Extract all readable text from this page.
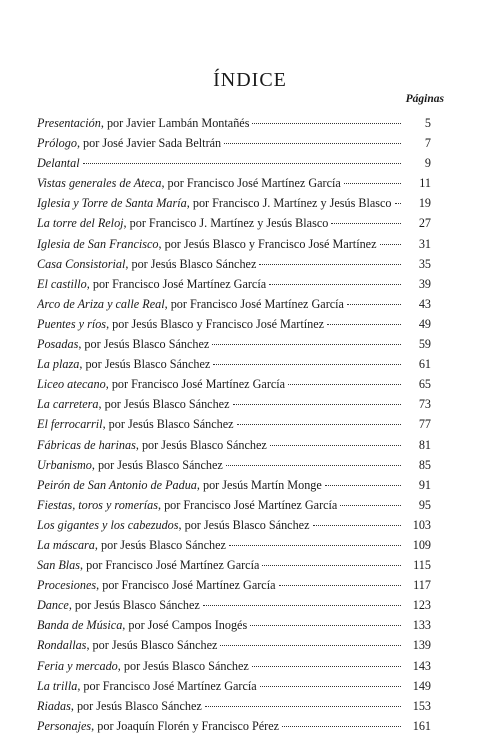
ÍNDICE
Páginas
Presentación, por Javier Lambán Montañés	5
Prólogo, por José Javier Sada Beltrán	7
Delantal	9
Vistas generales de Ateca, por Francisco José Martínez García	11
Iglesia y Torre de Santa María, por Francisco J. Martínez y Jesús Blasco	19
La torre del Reloj, por Francisco J. Martínez y Jesús Blasco	27
Iglesia de San Francisco, por Jesús Blasco y Francisco José Martínez	31
Casa Consistorial, por Jesús Blasco Sánchez	35
El castillo, por Francisco José Martínez García	39
Arco de Ariza y calle Real, por Francisco José Martínez García	43
Puentes y ríos, por Jesús Blasco y Francisco José Martínez	49
Posadas, por Jesús Blasco Sánchez	59
La plaza, por Jesús Blasco Sánchez	61
Liceo atecano, por Francisco José Martínez García	65
La carretera, por Jesús Blasco Sánchez	73
El ferrocarril, por Jesús Blasco Sánchez	77
Fábricas de harinas, por Jesús Blasco Sánchez	81
Urbanismo, por Jesús Blasco Sánchez	85
Peirón de San Antonio de Padua, por Jesús Martín Monge	91
Fiestas, toros y romerías, por Francisco José Martínez García	95
Los gigantes y los cabezudos, por Jesús Blasco Sánchez	103
La máscara, por Jesús Blasco Sánchez	109
San Blas, por Francisco José Martínez García	115
Procesiones, por Francisco José Martínez García	117
Dance, por Jesús Blasco Sánchez	123
Banda de Música, por José Campos Inogés	133
Rondallas, por Jesús Blasco Sánchez	139
Feria y mercado, por Jesús Blasco Sánchez	143
La trilla, por Francisco José Martínez García	149
Riadas, por Jesús Blasco Sánchez	153
Personajes, por Joaquín Florén y Francisco Pérez	161
